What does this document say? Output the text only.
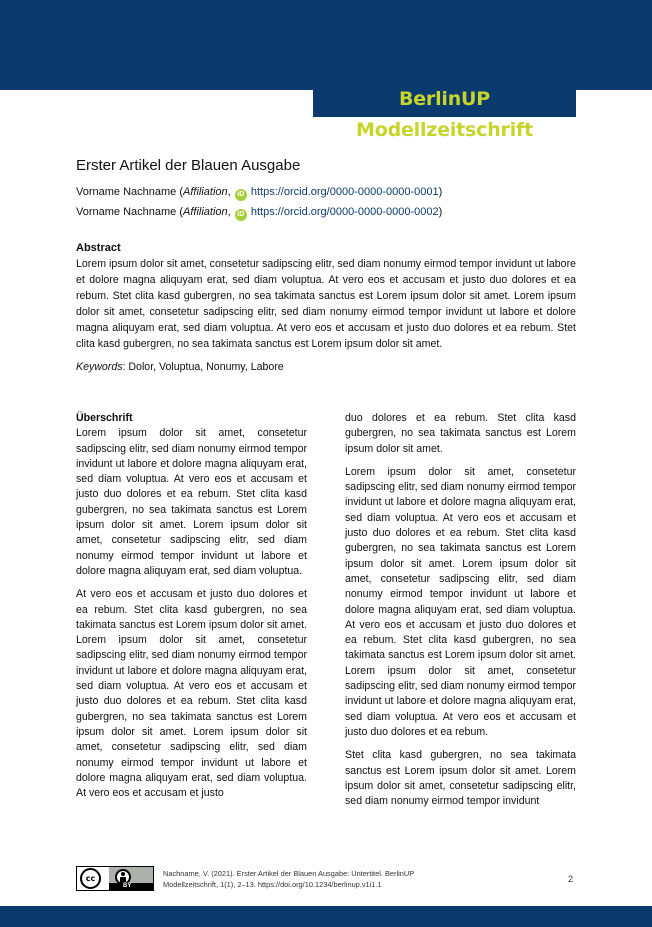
BerlinUP Modellzeitschrift
Erster Artikel der Blauen Ausgabe
Vorname Nachname (Affiliation, iD https://orcid.org/0000-0000-0000-0001)
Vorname Nachname (Affiliation, iD https://orcid.org/0000-0000-0000-0002)
Abstract
Lorem ipsum dolor sit amet, consetetur sadipscing elitr, sed diam nonumy eirmod tempor invidunt ut labore et dolore magna aliquyam erat, sed diam voluptua. At vero eos et accusam et justo duo dolores et ea rebum. Stet clita kasd gubergren, no sea takimata sanctus est Lorem ipsum dolor sit amet. Lorem ipsum dolor sit amet, consetetur sadipscing elitr, sed diam nonumy eirmod tempor invidunt ut labore et dolore magna aliquyam erat, sed diam voluptua. At vero eos et accusam et justo duo dolores et ea rebum. Stet clita kasd gubergren, no sea takimata sanctus est Lorem ipsum dolor sit amet.
Keywords: Dolor, Voluptua, Nonumy, Labore

Überschrift

Lorem ipsum dolor sit amet, consetetur sadipscing elitr, sed diam nonumy eirmod tempor invidunt ut labore et dolore magna aliquyam erat, sed diam voluptua. At vero eos et accusam et justo duo dolores et ea rebum. Stet clita kasd gubergren, no sea takimata sanctus est Lorem ipsum dolor sit amet. Lorem ipsum dolor sit amet, consetetur sadipscing elitr, sed diam nonumy eirmod tempor invidunt ut labore et dolore magna aliquyam erat, sed diam voluptua.

At vero eos et accusam et justo duo dolores et ea rebum. Stet clita kasd gubergren, no sea takimata sanctus est Lorem ipsum dolor sit amet. Lorem ipsum dolor sit amet, consetetur sadipscing elitr, sed diam nonumy eirmod tempor invidunt ut labore et dolore magna aliquyam erat, sed diam voluptua. At vero eos et accusam et justo duo dolores et ea rebum. Stet clita kasd gubergren, no sea takimata sanctus est Lorem ipsum dolor sit amet. Lorem ipsum dolor sit amet, consetetur sadipscing elitr, sed diam nonumy eirmod tempor invidunt ut labore et dolore magna aliquyam erat, sed diam voluptua. At vero eos et accusam et justo

duo dolores et ea rebum. Stet clita kasd gubergren, no sea takimata sanctus est Lorem ipsum dolor sit amet.

Lorem ipsum dolor sit amet, consetetur sadipscing elitr, sed diam nonumy eirmod tempor invidunt ut labore et dolore magna aliquyam erat, sed diam voluptua. At vero eos et accusam et justo duo dolores et ea rebum. Stet clita kasd gubergren, no sea takimata sanctus est Lorem ipsum dolor sit amet. Lorem ipsum dolor sit amet, consetetur sadipscing elitr, sed diam nonumy eirmod tempor invidunt ut labore et dolore magna aliquyam erat, sed diam voluptua. At vero eos et accusam et justo duo dolores et ea rebum. Stet clita kasd gubergren, no sea takimata sanctus est Lorem ipsum dolor sit amet. Lorem ipsum dolor sit amet, consetetur sadipscing elitr, sed diam nonumy eirmod tempor invidunt ut labore et dolore magna aliquyam erat, sed diam voluptua. At vero eos et accusam et justo duo dolores et ea rebum.

Stet clita kasd gubergren, no sea takimata sanctus est Lorem ipsum dolor sit amet. Lorem ipsum dolor sit amet, consetetur sadipscing elitr, sed diam nonumy eirmod tempor invidunt

cc
BY
Nachname, V. (2021). Erster Artikel der Blauen Ausgabe: Untertitel. BerlinUP Modellzeitschrift, 1(1), 2–13. https://doi.org/10.1234/berlinup.v1i1.1
2
